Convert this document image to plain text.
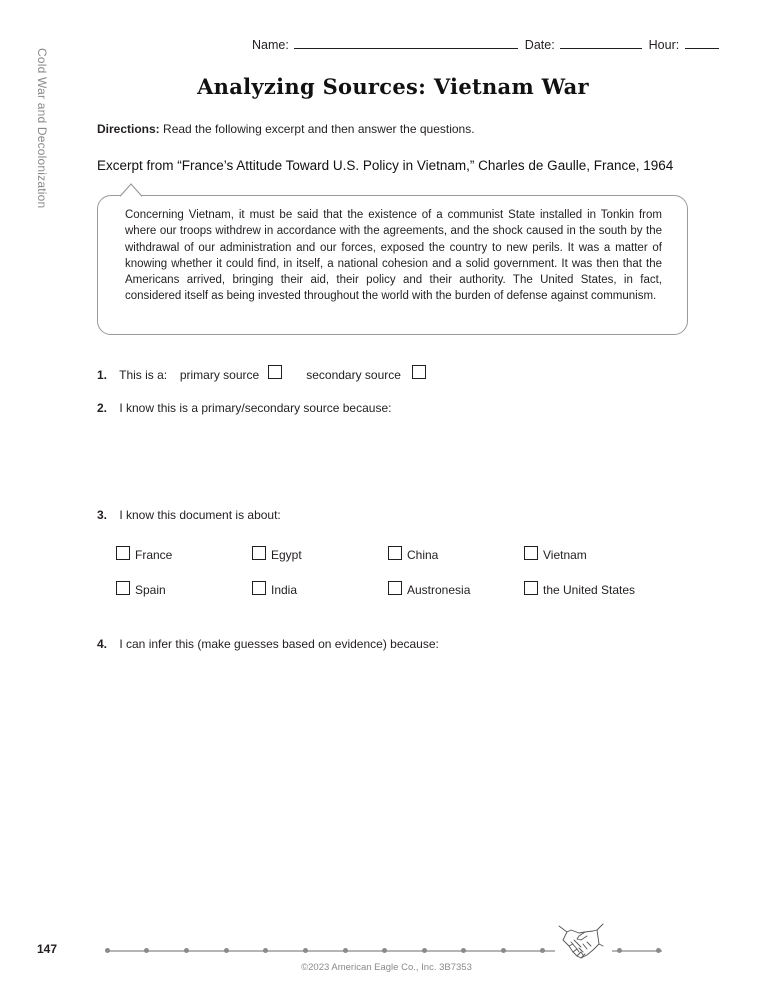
Name:	Date:	Hour:
Cold War and Decolonization	Analyzing Sources: Vietnam War
Directions: Read the following excerpt and then answer the questions.
Excerpt from “France’s Attitude Toward U.S. Policy in Vietnam,” Charles de Gaulle, France, 1964
Concerning Vietnam, it must be said that the existence of a communist State installed in Tonkin from where our troops withdrew in accordance with the agreements, and the shock caused in the south by the withdrawal of our administration and our forces, exposed the country to new perils. It was a matter of knowing whether it could find, in itself, a national cohesion and a solid government. It was then that the Americans arrived, bringing their aid, their policy and their authority. The United States, in fact, considered itself as being invested throughout the world with the burden of defense against communism.
1. This is a: primary source	secondary source
2. I know this is a primary/secondary source because:
3. I know this document is about:
France	Egypt	China	Vietnam
Spain	India	Austronesia	the United States
4. I can infer this (make guesses based on evidence) because:
147
©2023 American Eagle Co., Inc. 3B7353
